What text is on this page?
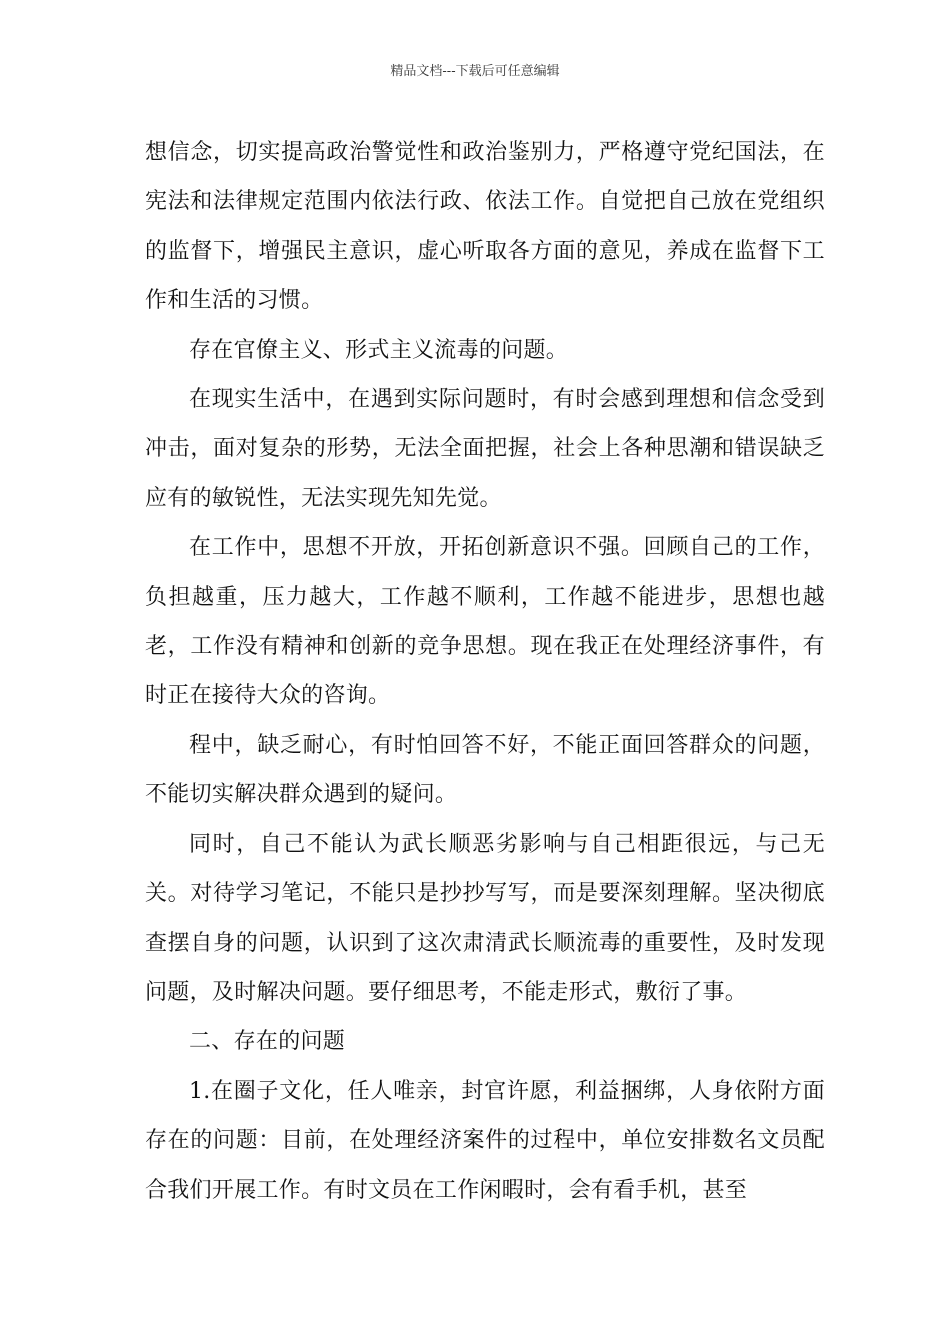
精品文档---下载后可任意编辑

想信念，切实提高政治警觉性和政治鉴别力，严格遵守党纪国法，在宪法和法律规定范围内依法行政、依法工作。自觉把自己放在党组织的监督下，增强民主意识，虚心听取各方面的意见，养成在监督下工作和生活的习惯。

存在官僚主义、形式主义流毒的问题。

在现实生活中，在遇到实际问题时，有时会感到理想和信念受到冲击，面对复杂的形势，无法全面把握，社会上各种思潮和错误缺乏应有的敏锐性，无法实现先知先觉。

在工作中，思想不开放，开拓创新意识不强。回顾自己的工作，负担越重，压力越大，工作越不顺利，工作越不能进步，思想也越老，工作没有精神和创新的竞争思想。现在我正在处理经济事件，有时正在接待大众的咨询。

程中，缺乏耐心，有时怕回答不好，不能正面回答群众的问题，不能切实解决群众遇到的疑问。

同时，自己不能认为武长顺恶劣影响与自己相距很远，与己无关。对待学习笔记，不能只是抄抄写写，而是要深刻理解。坚决彻底查摆自身的问题，认识到了这次肃清武长顺流毒的重要性，及时发现问题，及时解决问题。要仔细思考，不能走形式，敷衍了事。

二、存在的问题

1.在圈子文化，任人唯亲，封官许愿，利益捆绑，人身依附方面存在的问题：目前，在处理经济案件的过程中，单位安排数名文员配合我们开展工作。有时文员在工作闲暇时，会有看手机，甚至
